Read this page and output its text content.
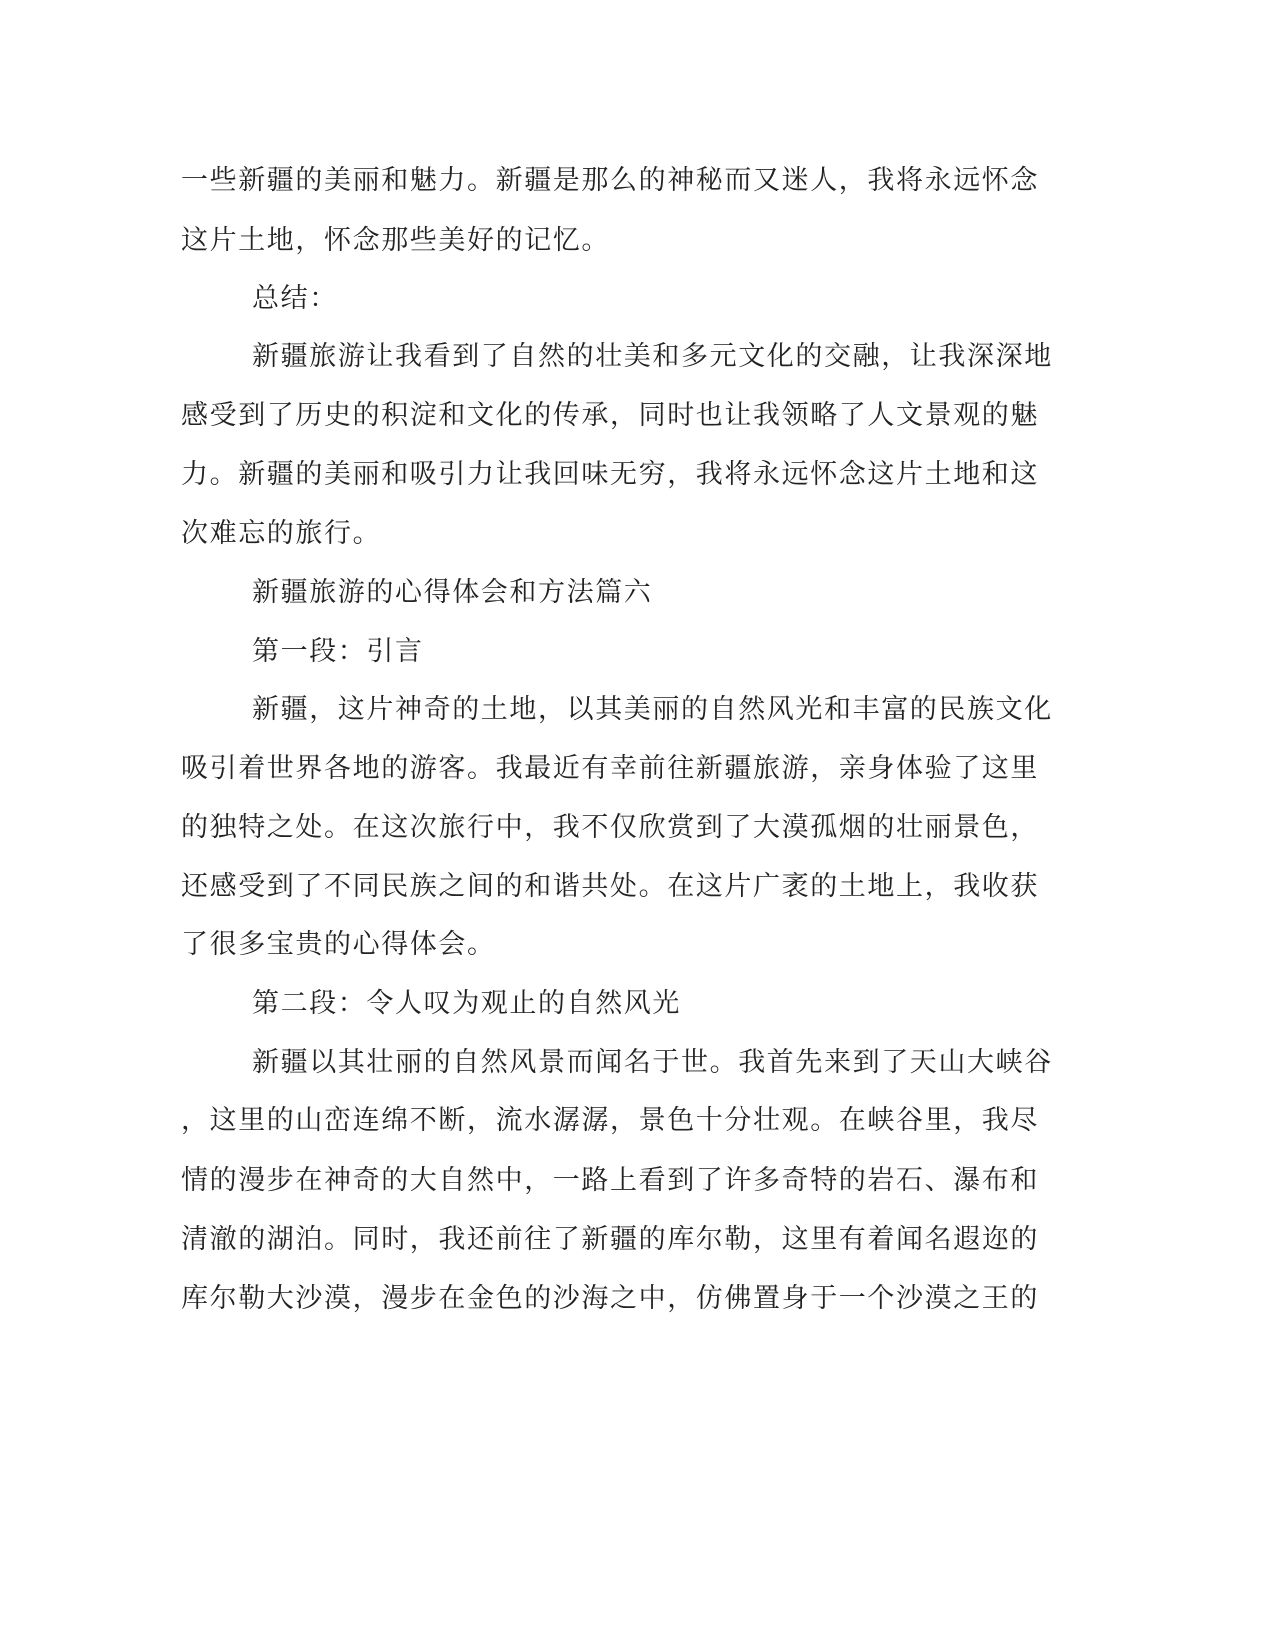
一些新疆的美丽和魅力。新疆是那么的神秘而又迷人，我将永远怀念
这片土地，怀念那些美好的记忆。
总结：
新疆旅游让我看到了自然的壮美和多元文化的交融，让我深深地
感受到了历史的积淀和文化的传承，同时也让我领略了人文景观的魅
力。新疆的美丽和吸引力让我回味无穷，我将永远怀念这片土地和这
次难忘的旅行。
新疆旅游的心得体会和方法篇六
第一段：引言
新疆，这片神奇的土地，以其美丽的自然风光和丰富的民族文化
吸引着世界各地的游客。我最近有幸前往新疆旅游，亲身体验了这里
的独特之处。在这次旅行中，我不仅欣赏到了大漠孤烟的壮丽景色，
还感受到了不同民族之间的和谐共处。在这片广袤的土地上，我收获
了很多宝贵的心得体会。
第二段：令人叹为观止的自然风光
新疆以其壮丽的自然风景而闻名于世。我首先来到了天山大峡谷
，这里的山峦连绵不断，流水潺潺，景色十分壮观。在峡谷里，我尽
情的漫步在神奇的大自然中，一路上看到了许多奇特的岩石、瀑布和
清澈的湖泊。同时，我还前往了新疆的库尔勒，这里有着闻名遐迩的
库尔勒大沙漠，漫步在金色的沙海之中，仿佛置身于一个沙漠之王的
